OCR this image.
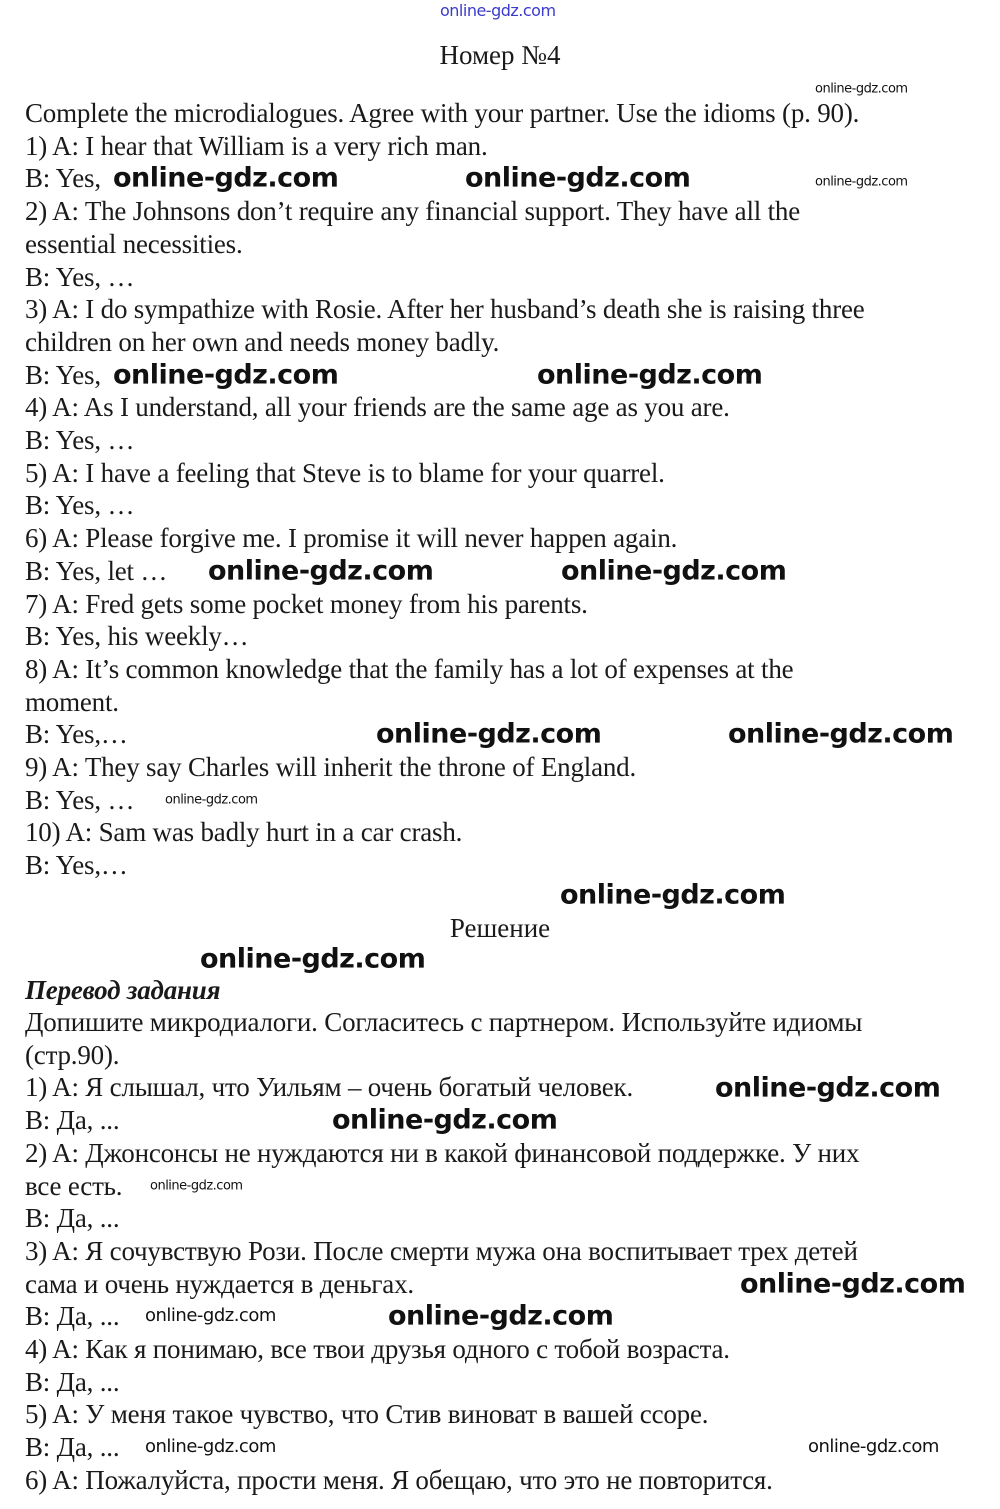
online-gdz.com
Номер №4
Complete the microdialogues. Agree with your partner. Use the idioms (p. 90).
1) A: I hear that William is a very rich man.
B: Yes,
2) A: The Johnsons don’t require any financial support. They have all the
essential necessities.
B: Yes, …
3) A: I do sympathize with Rosie. After her husband’s death she is raising three
children on her own and needs money badly.
B: Yes,
4) A: As I understand, all your friends are the same age as you are.
B: Yes, …
5) A: I have a feeling that Steve is to blame for your quarrel.
B: Yes, …
6) A: Please forgive me. I promise it will never happen again.
B: Yes, let …
7) A: Fred gets some pocket money from his parents.
B: Yes, his weekly…
8) A: It’s common knowledge that the family has a lot of expenses at the
moment.
B: Yes,…
9) A: They say Charles will inherit the throne of England.
B: Yes, …
10) A: Sam was badly hurt in a car crash.
B: Yes,…
Решение
Перевод задания
Допишите микродиалоги. Согласитесь с партнером. Используйте идиомы
(стр.90).
1) A: Я слышал, что Уильям – очень богатый человек.
B: Да, ...
2) A: Джонсонсы не нуждаются ни в какой финансовой поддержке. У них
все есть.
B: Да, ...
3) A: Я сочувствую Рози. После смерти мужа она воспитывает трех детей
сама и очень нуждается в деньгах.
B: Да, ...
4) A: Как я понимаю, все твои друзья одного с тобой возраста.
B: Да, ...
5) A: У меня такое чувство, что Стив виноват в вашей ссоре.
B: Да, ...
6) A: Пожалуйста, прости меня. Я обещаю, что это не повторится.
online-gdz.com
online-gdz.com	online-gdz.com	online-gdz.com
online-gdz.com	online-gdz.com
online-gdz.com	online-gdz.com
online-gdz.com	online-gdz.com
online-gdz.com
online-gdz.com
online-gdz.com
online-gdz.com
online-gdz.com
online-gdz.com
online-gdz.com
online-gdz.com	online-gdz.com
online-gdz.com	online-gdz.com
